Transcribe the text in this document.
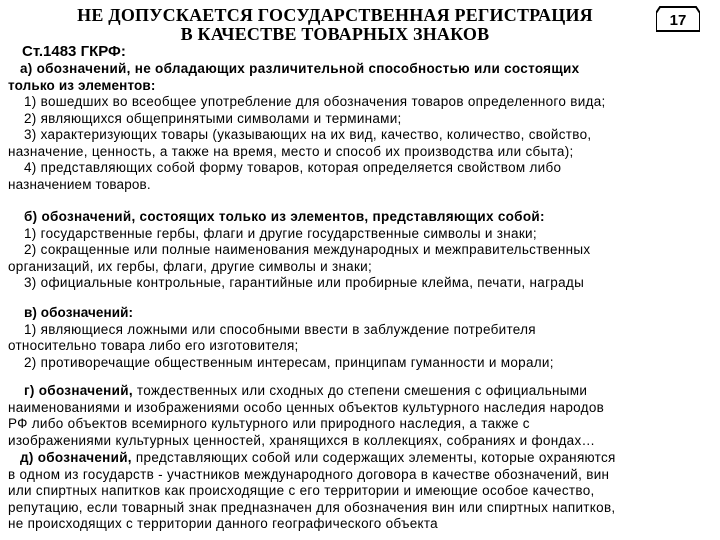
НЕ ДОПУСКАЕТСЯ ГОСУДАРСТВЕННАЯ РЕГИСТРАЦИЯ
В КАЧЕСТВЕ ТОВАРНЫХ ЗНАКОВ
17
Ст.1483 ГКРФ:
а) обозначений, не обладающих различительной способностью или состоящих
только из элементов:
1) вошедших во всеобщее употребление для обозначения товаров определенного вида;
2) являющихся общепринятыми символами и терминами;
3) характеризующих товары (указывающих на их вид, качество, количество, свойство,
назначение, ценность, а также на время, место и способ их производства или сбыта);
4) представляющих собой форму товаров, которая определяется свойством либо
назначением товаров.
б) обозначений, состоящих только из элементов, представляющих собой:
1) государственные гербы, флаги и другие государственные символы и знаки;
2) сокращенные или полные наименования международных и межправительственных
организаций, их гербы, флаги, другие символы и знаки;
3) официальные контрольные, гарантийные или пробирные клейма, печати, награды
в) обозначений:
1) являющиеся ложными или способными ввести в заблуждение потребителя
относительно товара либо его изготовителя;
2) противоречащие общественным интересам, принципам гуманности и морали;
г) обозначений, тождественных или сходных до степени смешения с официальными
наименованиями и изображениями особо ценных объектов культурного наследия народов
РФ либо объектов всемирного культурного или природного наследия, а также с
изображениями культурных ценностей, хранящихся в коллекциях, собраниях и фондах…
д) обозначений, представляющих собой или содержащих элементы, которые охраняются
в одном из государств - участников международного договора в качестве обозначений, вин
или спиртных напитков как происходящие с его территории и имеющие особое качество,
репутацию, если товарный знак предназначен для обозначения вин или спиртных напитков,
не происходящих с территории данного географического объекта
